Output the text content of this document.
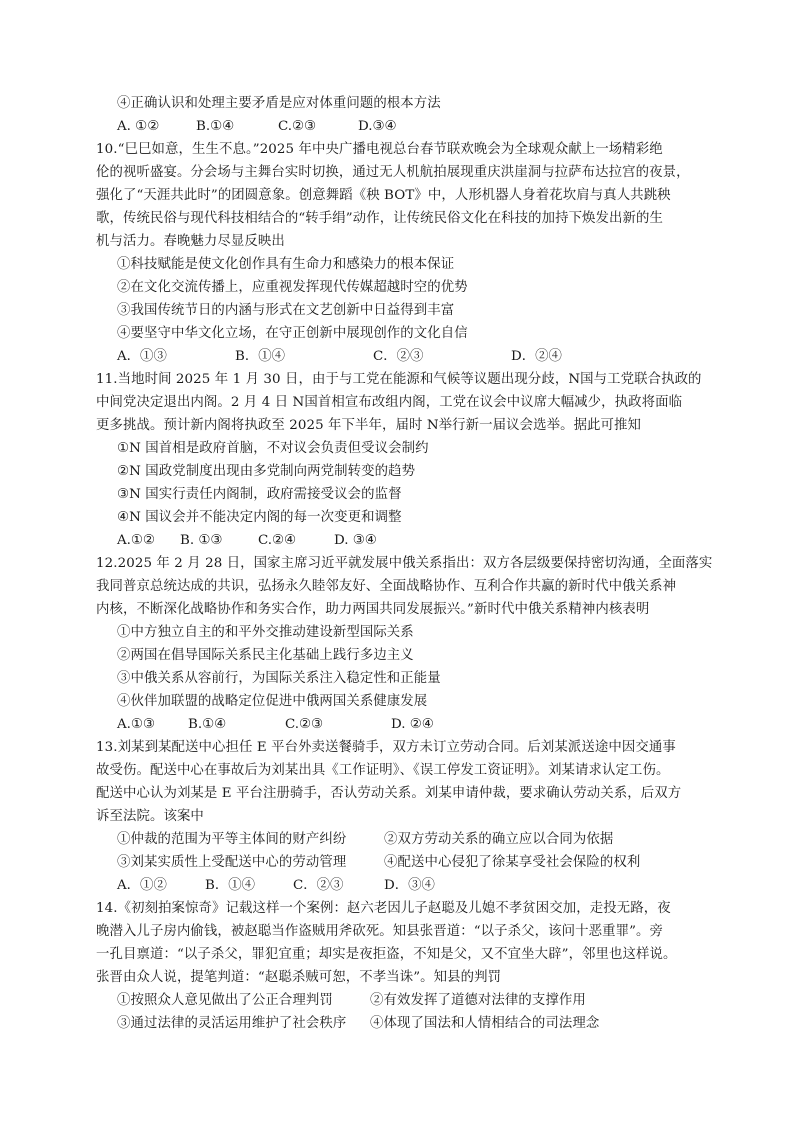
④正确认识和处理主要矛盾是应对体重问题的根本方法
A. ①②	B.①④	C.②③	D.③④
10.“巳巳如意，生生不息。”2025 年中央广播电视总台春节联欢晚会为全球观众献上一场精彩绝
伦的视听盛宴。分会场与主舞台实时切换，通过无人机航拍展现重庆洪崖洞与拉萨布达拉宫的夜景，
强化了“天涯共此时”的团圆意象。创意舞蹈《秧 BOT》中，人形机器人身着花坎肩与真人共跳秧
歌，传统民俗与现代科技相结合的“转手绢”动作，让传统民俗文化在科技的加持下焕发出新的生
机与活力。春晚魅力尽显反映出
①科技赋能是使文化创作具有生命力和感染力的根本保证
②在文化交流传播上，应重视发挥现代传媒超越时空的优势
③我国传统节日的内涵与形式在文艺创新中日益得到丰富
④要坚守中华文化立场，在守正创新中展现创作的文化自信
A．①③	B．①④	C．②③	D．②④
11.当地时间 2025 年 1 月 30 日，由于与工党在能源和气候等议题出现分歧，N国与工党联合执政的
中间党决定退出内阁。2 月 4 日 N国首相宣布改组内阁，工党在议会中议席大幅减少，执政将面临
更多挑战。预计新内阁将执政至 2025 年下半年，届时 N举行新一届议会选举。据此可推知
①N 国首相是政府首脑，不对议会负责但受议会制约
②N 国政党制度出现由多党制向两党制转变的趋势
③N 国实行责任内阁制，政府需接受议会的监督
④N 国议会并不能决定内阁的每一次变更和调整
A.①② B. ①③	C.②④	D. ③④
12.2025 年 2 月 28 日，国家主席习近平就发展中俄关系指出：双方各层级要保持密切沟通，全面落实
我同普京总统达成的共识，弘扬永久睦邻友好、全面战略协作、互利合作共赢的新时代中俄关系神
内核，不断深化战略协作和务实合作，助力两国共同发展振兴。”新时代中俄关系精神内核表明
①中方独立自主的和平外交推动建设新型国际关系
②两国在倡导国际关系民主化基础上践行多边主义
③中俄关系从容前行，为国际关系注入稳定性和正能量
④伙伴加联盟的战略定位促进中俄两国关系健康发展
A.①③ B.①④	C.②③	D. ②④
13.刘某到某配送中心担任 E 平台外卖送餐骑手，双方未订立劳动合同。后刘某派送途中因交通事
故受伤。配送中心在事故后为刘某出具《工作证明》、《误工停发工资证明》。刘某请求认定工伤。
配送中心认为刘某是 E 平台注册骑手，否认劳动关系。刘某申请仲裁，要求确认劳动关系，后双方
诉至法院。该案中
①仲裁的范围为平等主体间的财产纠纷	②双方劳动关系的确立应以合同为依据
③刘某实质性上受配送中心的劳动管理	④配送中心侵犯了徐某享受社会保险的权利
A．①②	B．①④	C．②③	D．③④
14.《初刻拍案惊奇》记载这样一个案例：赵六老因儿子赵聪及儿媳不孝贫困交加，走投无路，夜
晚潜入儿子房内偷钱，被赵聪当作盗贼用斧砍死。知县张晋道：“以子杀父，该问十恶重罪”。旁
一孔目禀道：“以子杀父，罪犯宜重；却实是夜拒盗，不知是父，又不宜坐大辟”，邻里也这样说。
张晋由众人说，提笔判道：“赵聪杀贼可恕，不孝当诛”。知县的判罚
①按照众人意见做出了公正合理判罚	②有效发挥了道德对法律的支撑作用
③通过法律的灵活运用维护了社会秩序 ④体现了国法和人情相结合的司法理念
